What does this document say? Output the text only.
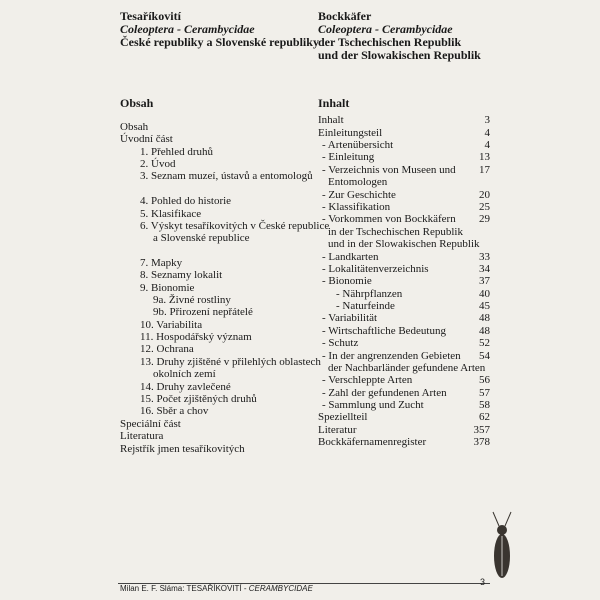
Tesaříkovití
Coleoptera - Cerambycidae
České republiky a Slovenské republiky
Bockkäfer
Coleoptera - Cerambycidae
der Tschechischen Republik
und der Slowakischen Republik
Obsah	Inhalt
Obsah
Úvodní část
1. Přehled druhů
2. Úvod
3. Seznam muzeí, ústavů a entomologů
4. Pohled do historie
5. Klasifikace
6. Výskyt tesaříkovitých v České republice
a Slovenské republice
7. Mapky
8. Seznamy lokalit
9. Bionomie
9a. Živné rostliny
9b. Přirození nepřátelé
10. Variabilita
11. Hospodářský význam
12. Ochrana
13. Druhy zjištěné v přilehlých oblastech
okolních zemí
14. Druhy zavlečené
15. Počet zjištěných druhů
16. Sběr a chov
Speciální část
Literatura
Rejstřík jmen tesaříkovitých
Inhalt	3
Einleitungsteil	4
- Artenübersicht	4
- Einleitung	13
- Verzeichnis von Museen und 17
Entomologen
- Zur Geschichte	20
- Klassifikation	25
- Vorkommen von Bockkäfern 29
in der Tschechischen Republik
und in der Slowakischen Republik
- Landkarten	33
- Lokalitätenverzeichnis	34
- Bionomie	37
- Nährpflanzen	40
- Naturfeinde	45
- Variabilität	48
- Wirtschaftliche Bedeutung	48
- Schutz	52
- In der angrenzenden Gebieten 54
der Nachbarländer gefundene Arten
- Verschleppte Arten	56
- Zahl der gefundenen Arten	57
- Sammlung und Zucht	58
Speziellteil	62
Literatur	357
Bockkäfernamenregister	378
Milan E. F. Sláma: TESAŘÍKOVITÍ - CERAMBYCIDAE
3
